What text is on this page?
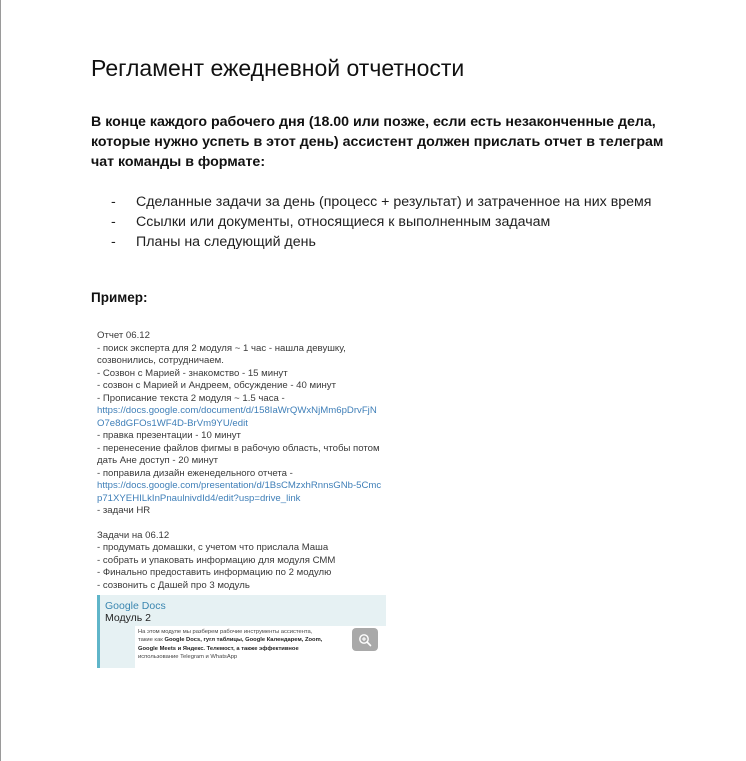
Регламент ежедневной отчетности
В конце каждого рабочего дня (18.00 или позже, если есть незаконченные дела, которые нужно успеть в этот день) ассистент должен прислать отчет в телеграм чат команды в формате:
- Сделанные задачи за день (процесс + результат) и затраченное на них время
- Ссылки или документы, относящиеся к выполненным задачам
- Планы на следующий день
Пример:
Отчет 06.12
- поиск эксперта для 2 модуля ~ 1 час - нашла девушку,
созвонились, сотрудничаем.
- Созвон с Марией - знакомство - 15 минут
- созвон с Марией и Андреем, обсуждение - 40 минут
- Прописание текста 2 модуля ~ 1.5 часа -
https://docs.google.com/document/d/158IaWrQWxNjMm6pDrvFjN
O7e8dGFOs1WF4D-BrVm9YU/edit
- правка презентации - 10 минут
- перенесение файлов фигмы в рабочую область, чтобы потом
дать Ане доступ - 20 минут
- поправила дизайн еженедельного отчета -
https://docs.google.com/presentation/d/1BsCMzxhRnnsGNb-5Cmc
p71XYEHILkInPnaulnivdId4/edit?usp=drive_link
- задачи HR
Задачи на 06.12
- продумать домашки, с учетом что прислала Маша
- собрать и упаковать информацию для модуля СММ
- Финально предоставить информацию по 2 модулю
- созвонить с Дашей про 3 модуль
Google Docs
Модуль 2
На этом модуле мы разберем рабочие инструменты ассистента,
такие как Google Docs, гугл таблицы, Google Календарем, Zoom,
Google Meets и Яндекс. Телемост, а также эффективное
использование Telegram и WhatsApp
